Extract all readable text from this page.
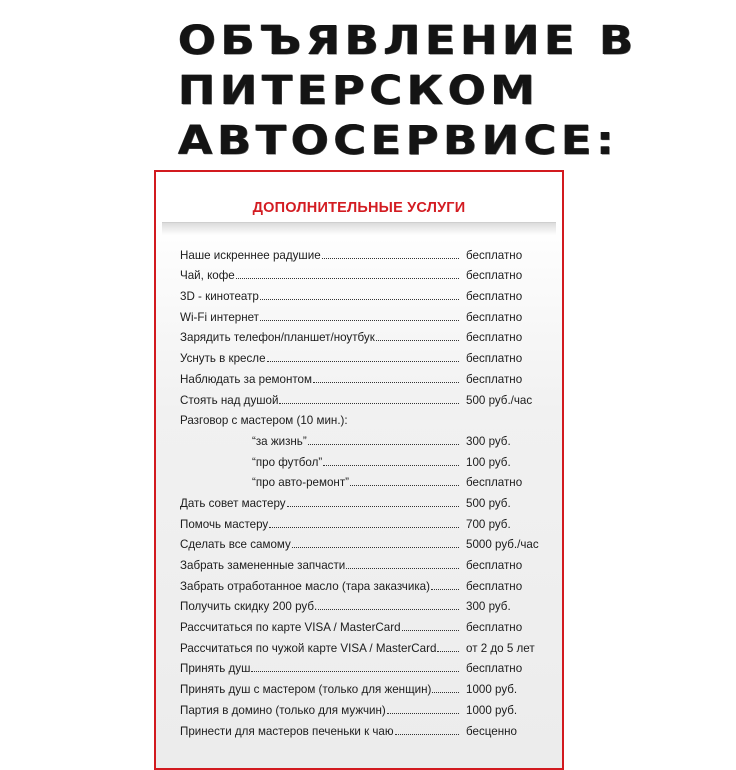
ОБЪЯВЛЕНИЕ В
ПИТЕРСКОМ
АВТОСЕРВИСЕ:
ДОПОЛНИТЕЛЬНЫЕ УСЛУГИ
Наше искреннее радушие	бесплатно
Чай, кофе	бесплатно
3D - кинотеатр	бесплатно
Wi-Fi интернет	бесплатно
Зарядить телефон/планшет/ноутбук	бесплатно
Уснуть в кресле	бесплатно
Наблюдать за ремонтом	бесплатно
Стоять над душой	500 руб./час
Разговор с мастером (10 мин.):
“за жизнь”	300 руб.
“про футбол”	100 руб.
“про авто-ремонт”	бесплатно
Дать совет мастеру	500 руб.
Помочь мастеру	700 руб.
Сделать все самому	5000 руб./час
Забрать замененные запчасти	бесплатно
Забрать отработанное масло (тара заказчика)	бесплатно
Получить скидку 200 руб.	300 руб.
Рассчитаться по карте VISA / MasterCard	бесплатно
Рассчитаться по чужой карте VISA / MasterCard	от 2 до 5 лет
Принять душ	бесплатно
Принять душ с мастером (только для женщин)	1000 руб.
Партия в домино (только для мужчин)	1000 руб.
Принести для мастеров печеньки к чаю	бесценно
